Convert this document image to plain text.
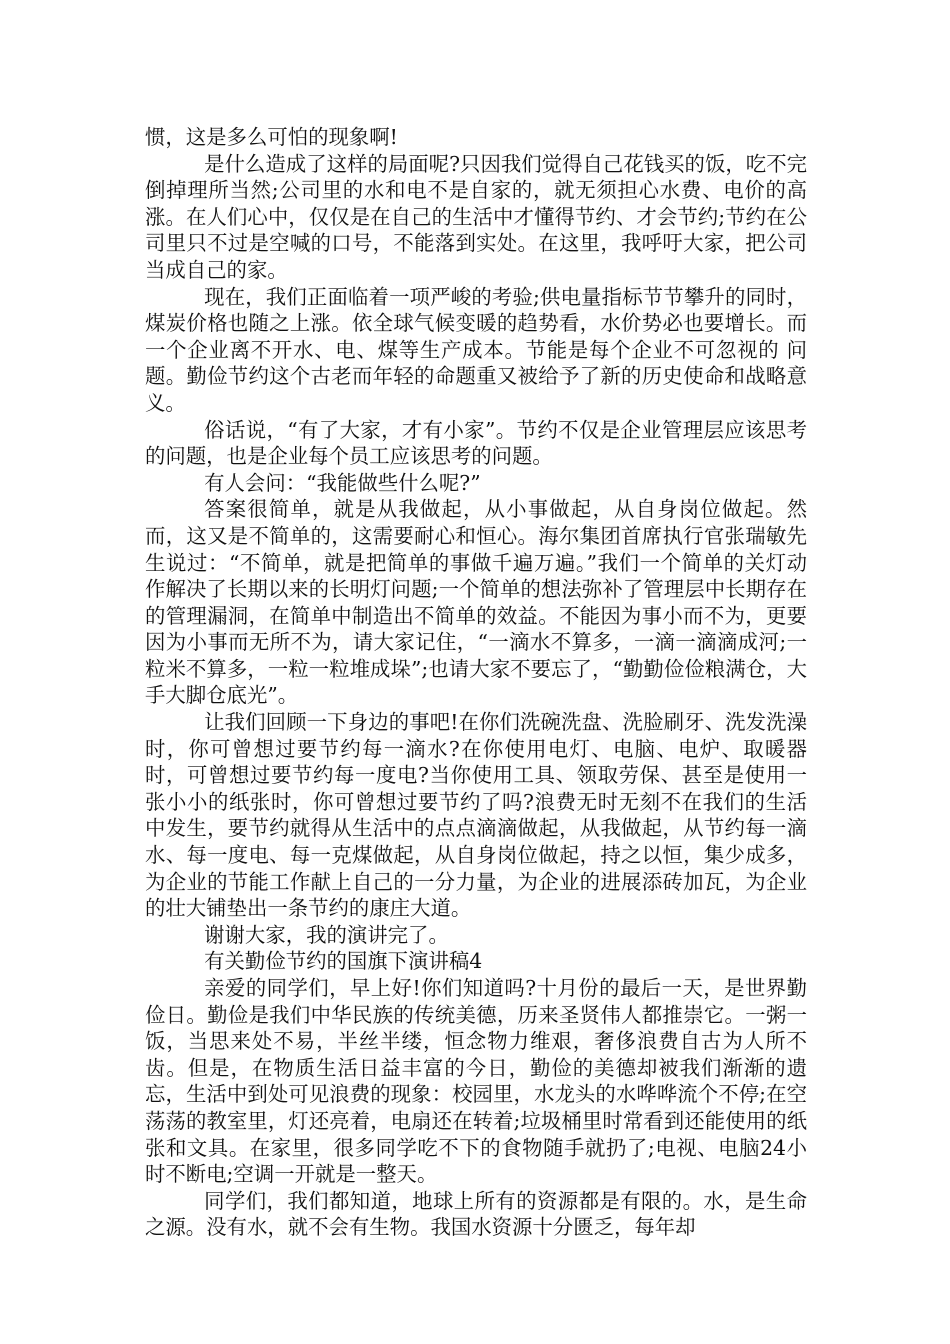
惯，这是多么可怕的现象啊!

是什么造成了这样的局面呢?只因我们觉得自己花钱买的饭，吃不完倒掉理所当然;公司里的水和电不是自家的，就无须担心水费、电价的高涨。在人们心中，仅仅是在自己的生活中才懂得节约、才会节约;节约在公司里只不过是空喊的口号，不能落到实处。在这里，我呼吁大家，把公司当成自己的家。

现在，我们正面临着一项严峻的考验;供电量指标节节攀升的同时，煤炭价格也随之上涨。依全球气候变暖的趋势看，水价势必也要增长。而一个企业离不开水、电、煤等生产成本。节能是每个企业不可忽视的 问题。勤俭节约这个古老而年轻的命题重又被给予了新的历史使命和战略意义。

俗话说，“有了大家，才有小家”。节约不仅是企业管理层应该思考的问题，也是企业每个员工应该思考的问题。

有人会问：“我能做些什么呢?”

答案很简单，就是从我做起，从小事做起，从自身岗位做起。然而，这又是不简单的，这需要耐心和恒心。海尔集团首席执行官张瑞敏先生说过：“不简单，就是把简单的事做千遍万遍。”我们一个简单的关灯动作解决了长期以来的长明灯问题;一个简单的想法弥补了管理层中长期存在的管理漏洞，在简单中制造出不简单的效益。不能因为事小而不为，更要因为小事而无所不为，请大家记住，“一滴水不算多，一滴一滴滴成河;一粒米不算多，一粒一粒堆成垛”;也请大家不要忘了，“勤勤俭俭粮满仓，大手大脚仓底光”。

让我们回顾一下身边的事吧!在你们洗碗洗盘、洗脸刷牙、洗发洗澡时，你可曾想过要节约每一滴水?在你使用电灯、电脑、电炉、取暖器时，可曾想过要节约每一度电?当你使用工具、领取劳保、甚至是使用一张小小的纸张时，你可曾想过要节约了吗?浪费无时无刻不在我们的生活中发生，要节约就得从生活中的点点滴滴做起，从我做起，从节约每一滴水、每一度电、每一克煤做起，从自身岗位做起，持之以恒，集少成多，为企业的节能工作献上自己的一分力量，为企业的进展添砖加瓦，为企业的壮大铺垫出一条节约的康庄大道。

谢谢大家，我的演讲完了。

有关勤俭节约的国旗下演讲稿4

亲爱的同学们，早上好!你们知道吗?十月份的最后一天，是世界勤俭日。勤俭是我们中华民族的传统美德，历来圣贤伟人都推崇它。一粥一饭，当思来处不易，半丝半缕，恒念物力维艰，奢侈浪费自古为人所不齿。但是，在物质生活日益丰富的今日，勤俭的美德却被我们渐渐的遗忘，生活中到处可见浪费的现象：校园里，水龙头的水哗哗流个不停;在空荡荡的教室里，灯还亮着，电扇还在转着;垃圾桶里时常看到还能使用的纸张和文具。在家里，很多同学吃不下的食物随手就扔了;电视、电脑24小时不断电;空调一开就是一整天。

同学们，我们都知道，地球上所有的资源都是有限的。水，是生命之源。没有水，就不会有生物。我国水资源十分匮乏，每年却
